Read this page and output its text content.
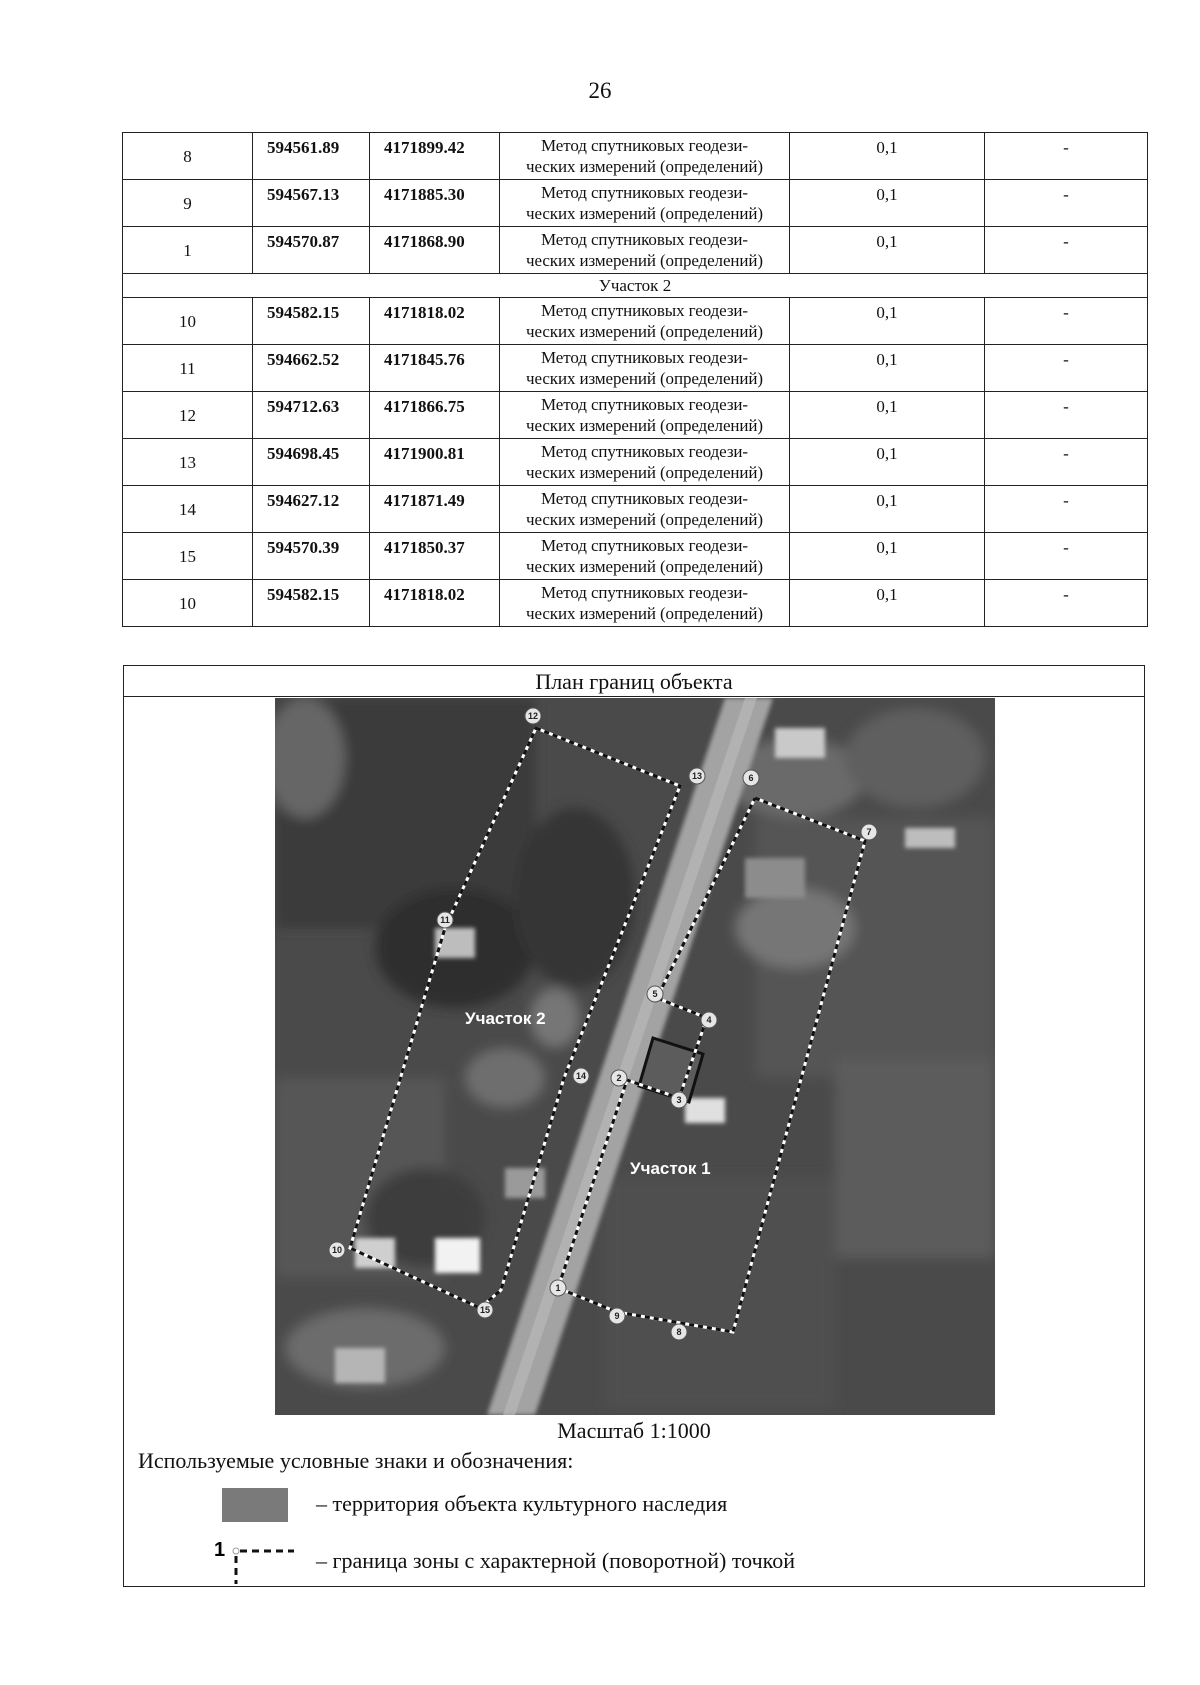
26
8	594561.89	4171899.42	Метод спутниковых геодези-
ческих измерений (определений)	0,1	-
9	594567.13	4171885.30	Метод спутниковых геодези-
ческих измерений (определений)	0,1	-
1	594570.87	4171868.90	Метод спутниковых геодези-
ческих измерений (определений)	0,1	-
Участок 2					
10	594582.15	4171818.02	Метод спутниковых геодези-
ческих измерений (определений)	0,1	-
11	594662.52	4171845.76	Метод спутниковых геодези-
ческих измерений (определений)	0,1	-
12	594712.63	4171866.75	Метод спутниковых геодези-
ческих измерений (определений)	0,1	-
13	594698.45	4171900.81	Метод спутниковых геодези-
ческих измерений (определений)	0,1	-
14	594627.12	4171871.49	Метод спутниковых геодези-
ческих измерений (определений)	0,1	-
15	594570.39	4171850.37	Метод спутниковых геодези-
ческих измерений (определений)	0,1	-
10	594582.15	4171818.02	Метод спутниковых геодези-
ческих измерений (определений)	0,1	-
План границ объекта
Участок 2
Участок 1
1
2
3
4
5
6
7
8
9
10
11
12
13
14
15
Масштаб 1:1000
Используемые условные знаки и обозначения:
– территория объекта культурного наследия
1	– граница зоны с характерной (поворотной) точкой
